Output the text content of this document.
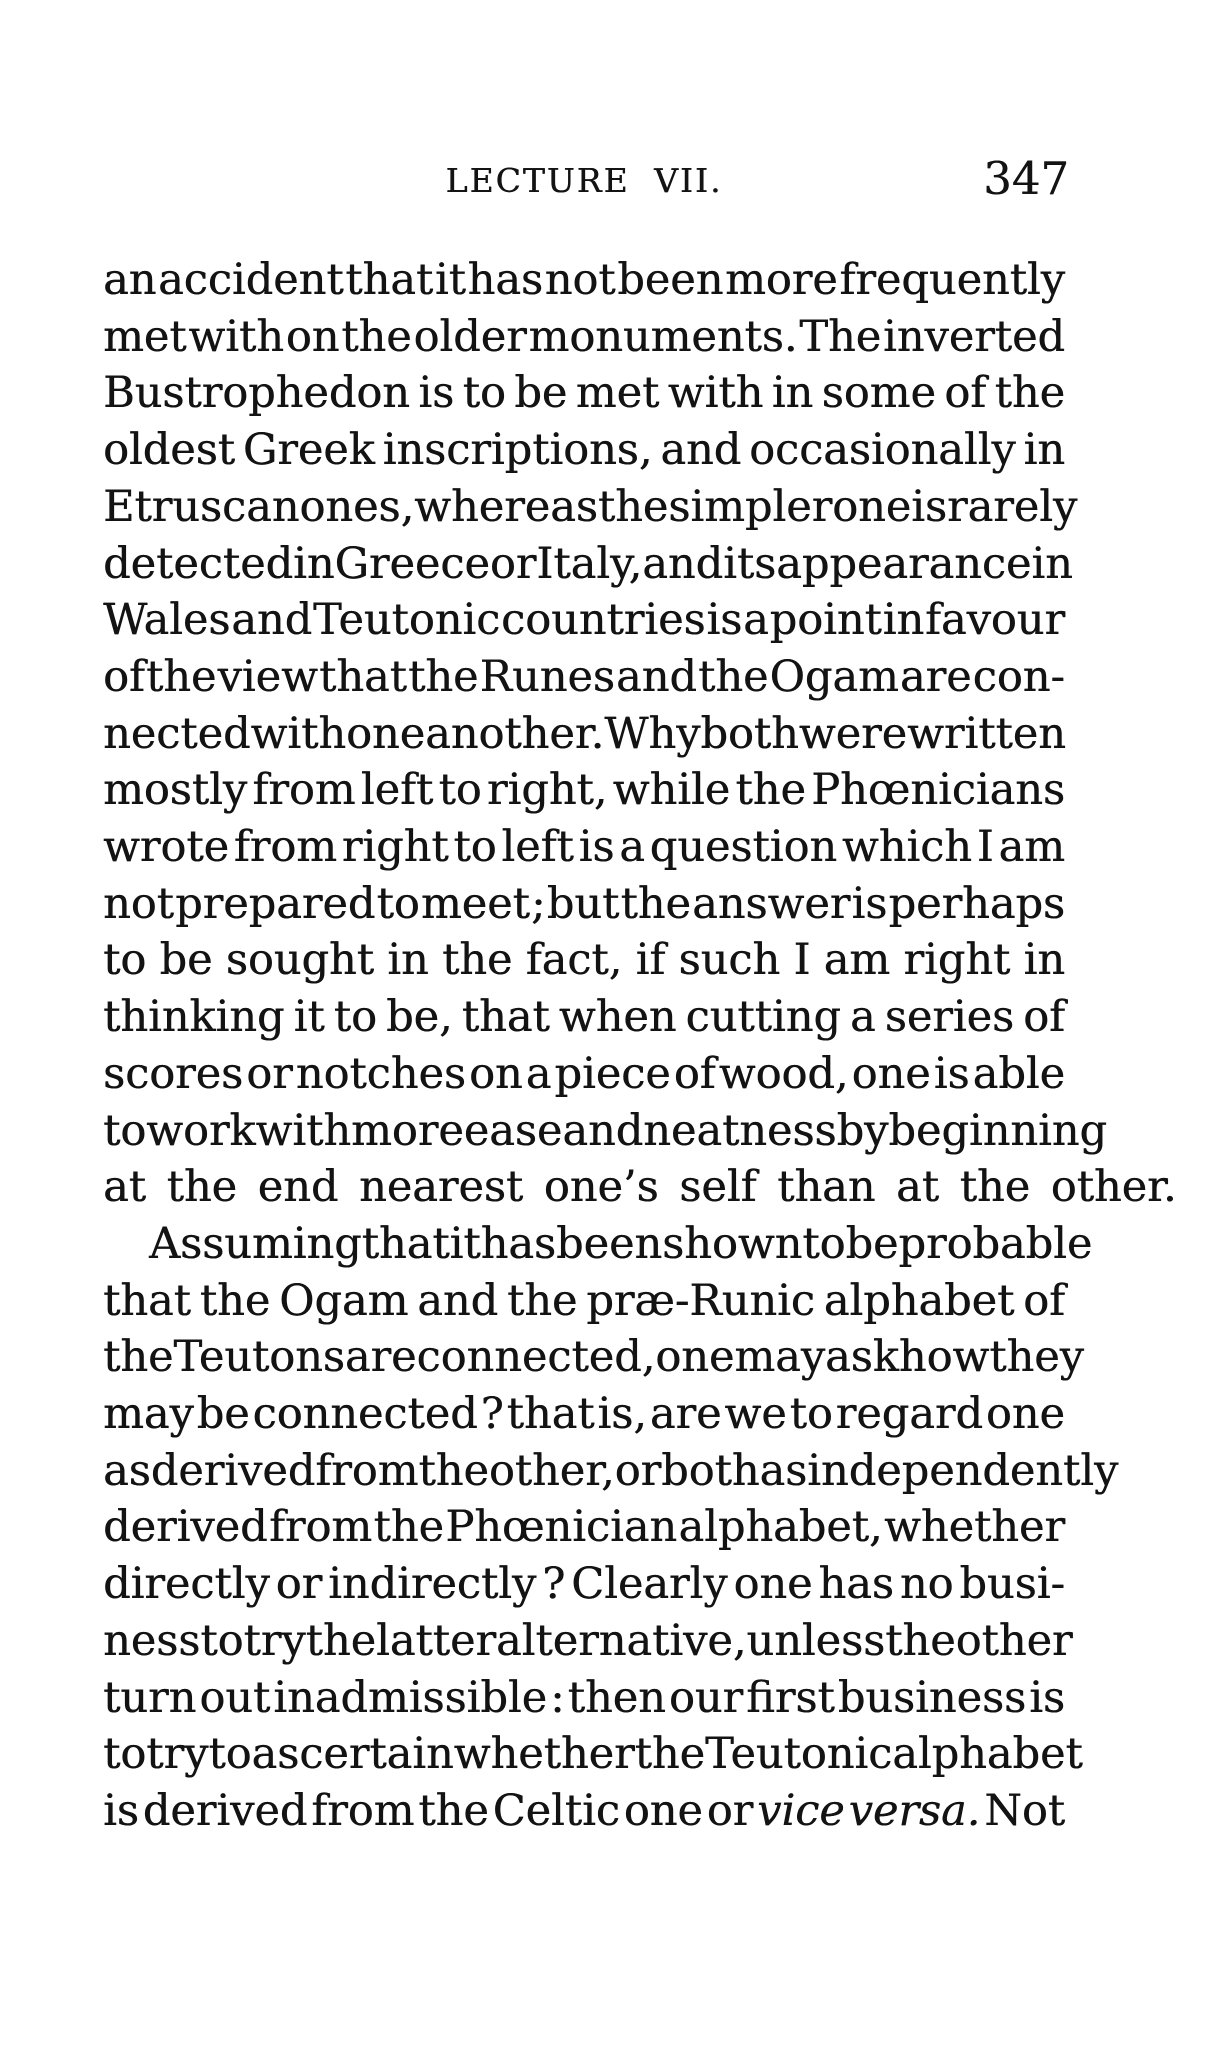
LECTURE VII.	347
an accident that it has not been more frequently
met with on the older monuments. The inverted
Bustrophedon is to be met with in some of the
oldest Greek inscriptions, and occasionally in
Etruscan ones, whereas the simpler one is rarely
detected in Greece or Italy, and its appearance in
Wales and Teutonic countries is a point in favour
of the view that the Runes and the Ogam are con-
nected with one another. Why both were written
mostly from left to right, while the Phœnicians
wrote from right to left is a question which I am
not prepared to meet ; but the answer is perhaps
to be sought in the fact, if such I am right in
thinking it to be, that when cutting a series of
scores or notches on a piece of wood, one is able
to work with more ease and neatness by beginning
at the end nearest one’s self than at the other.
Assuming that it has been shown to be probable
that the Ogam and the præ-Runic alphabet of
the Teutons are connected, one may ask how they
may be connected ? that is, are we to regard one
as derived from the other, or both as independently
derived from the Phœnician alphabet, whether
directly or indirectly ? Clearly one has no busi-
ness to try the latter alternative, unless the other
turn out inadmissible : then our first business is
to try to ascertain whether the Teutonic alphabet
is derived from the Celtic one or vice versa. Not
